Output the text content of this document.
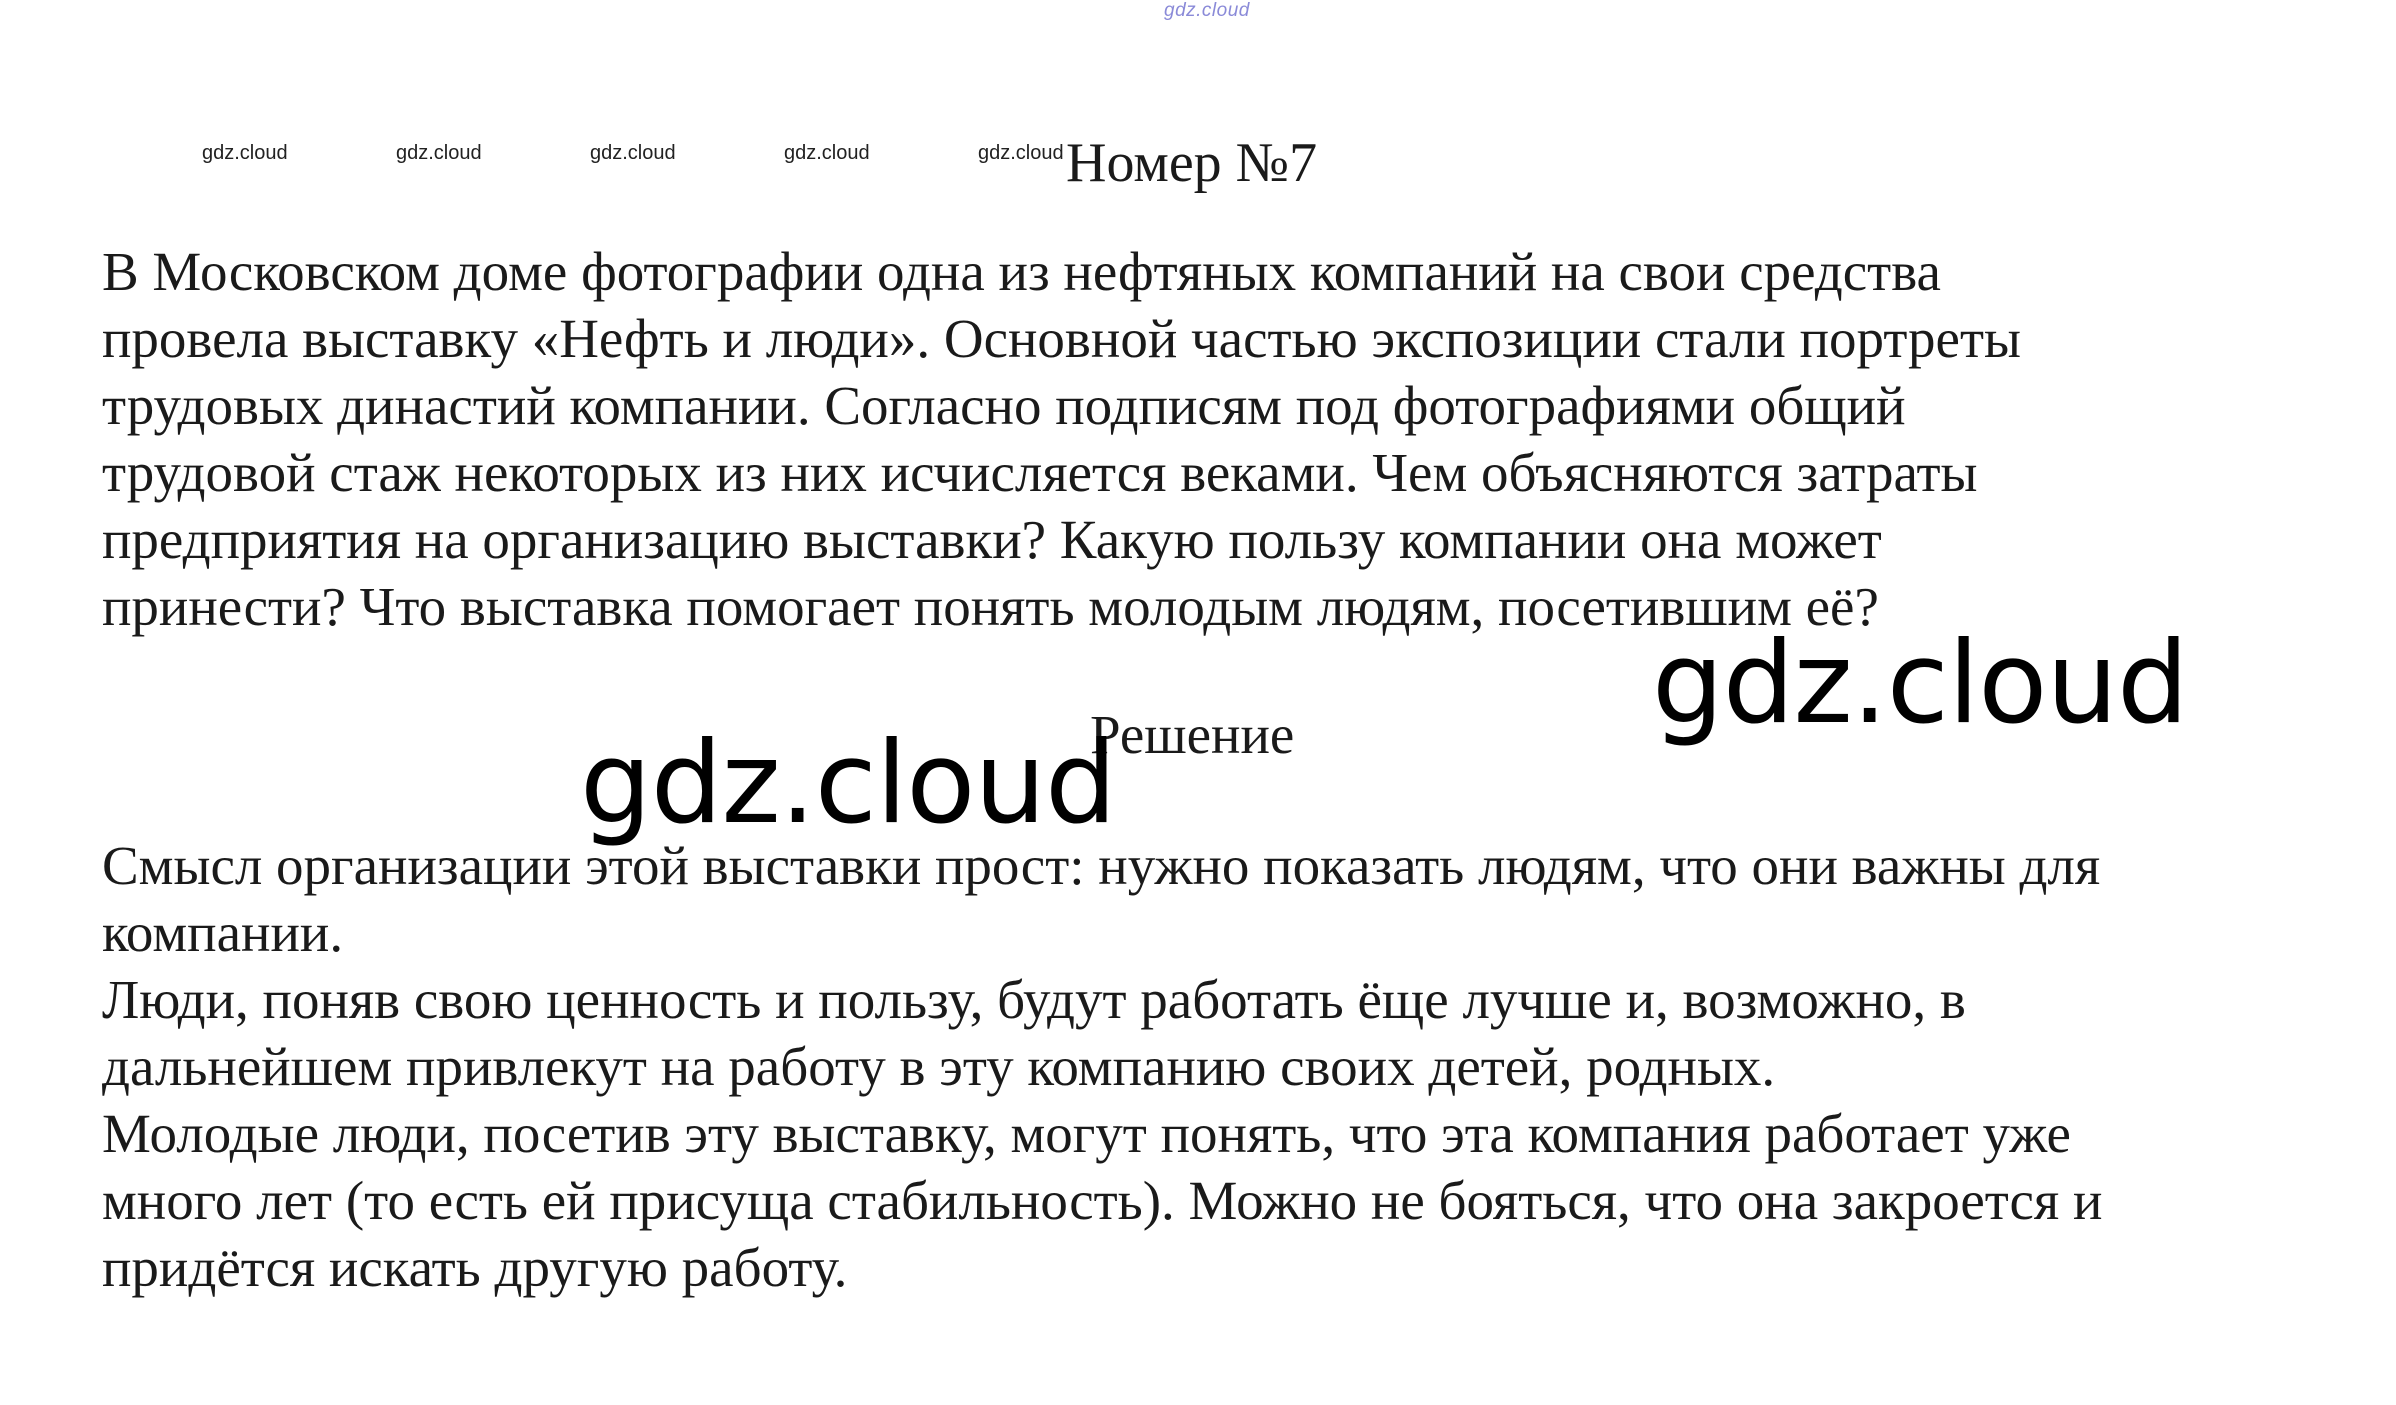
gdz.cloud
gdz.cloud	gdz.cloud	gdz.cloud	gdz.cloud	gdz.cloud Номер №7
В Московском доме фотографии одна из нефтяных компаний на свои средства
провела выставку «Нефть и люди». Основной частью экспозиции стали портреты
трудовых династий компании. Согласно подписям под фотографиями общий
трудовой стаж некоторых из них исчисляется веками. Чем объясняются затраты
предприятия на организацию выставки? Какую пользу компании она может
принести? Что выставка помогает понять молодым людям, посетившим её?
gdz.cloud
Решение
gdz.cloud
Смысл организации этой выставки прост: нужно показать людям, что они важны для
компании.
Люди, поняв свою ценность и пользу, будут работать ёще лучше и, возможно, в
дальнейшем привлекут на работу в эту компанию своих детей, родных.
Молодые люди, посетив эту выставку, могут понять, что эта компания работает уже
много лет (то есть ей присуща стабильность). Можно не бояться, что она закроется и
придётся искать другую работу.
